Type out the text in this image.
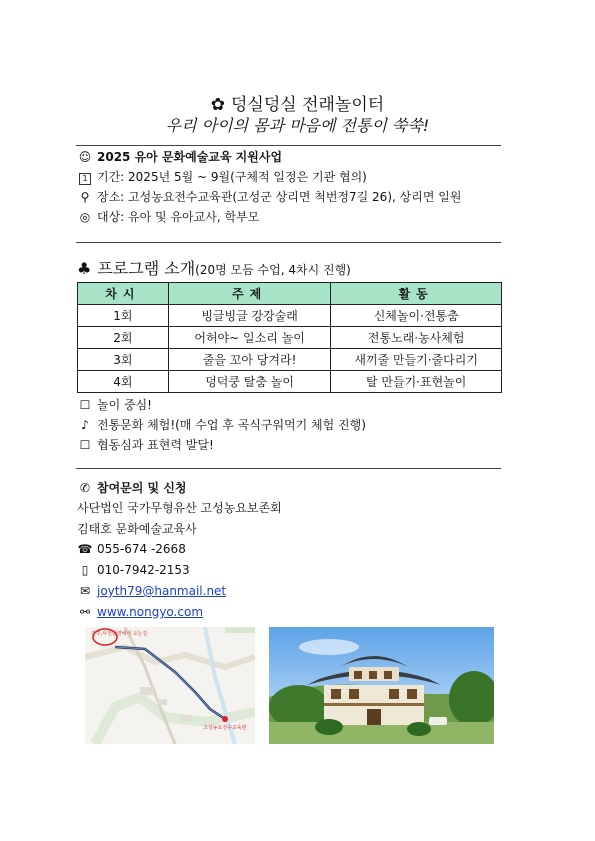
✿ 덩실덩실 전래놀이터
우리 아이의 몸과 마음에 전통이 쑥쑥!
☺ 2025 유아 문화예술교육 지원사업
1 기간: 2025년 5월 ~ 9월(구체적 일정은 기관 협의)
⚲ 장소: 고성농요전수교육관(고성군 상리면 척번정7길 26), 상리면 일원
◎ 대상: 유아 및 유아교사, 학부모
♣ 프로그램 소개(20명 모듬 수업, 4차시 진행)
차시	주제	활동
1회	빙글빙글 강강술래	신체놀이·전통춤
2회	어허야~ 일소리 놀이	전통노래·농사체험
3회	줄을 꼬아 당겨라!	새끼줄 만들기·줄다리기
4회	덩덕쿵 탈춤 놀이	탈 만들기·표현놀이
☐ 놀이 중심!
♪ 전통문화 체험!(매 수업 후 곡식구워먹기 체험 진행)
☐ 협동심과 표현력 발달!
✆ 참여문의 및 신청
사단법인 국가무형유산 고성농요보존회
김태호 문화예술교육사
☎ 055-674 -2668
▯ 010-7942-2153
✉ joyth79@hanmail.net
⚯ www.nongyo.com
진주,사천방면에서 오는길
고성농요전수교육관
